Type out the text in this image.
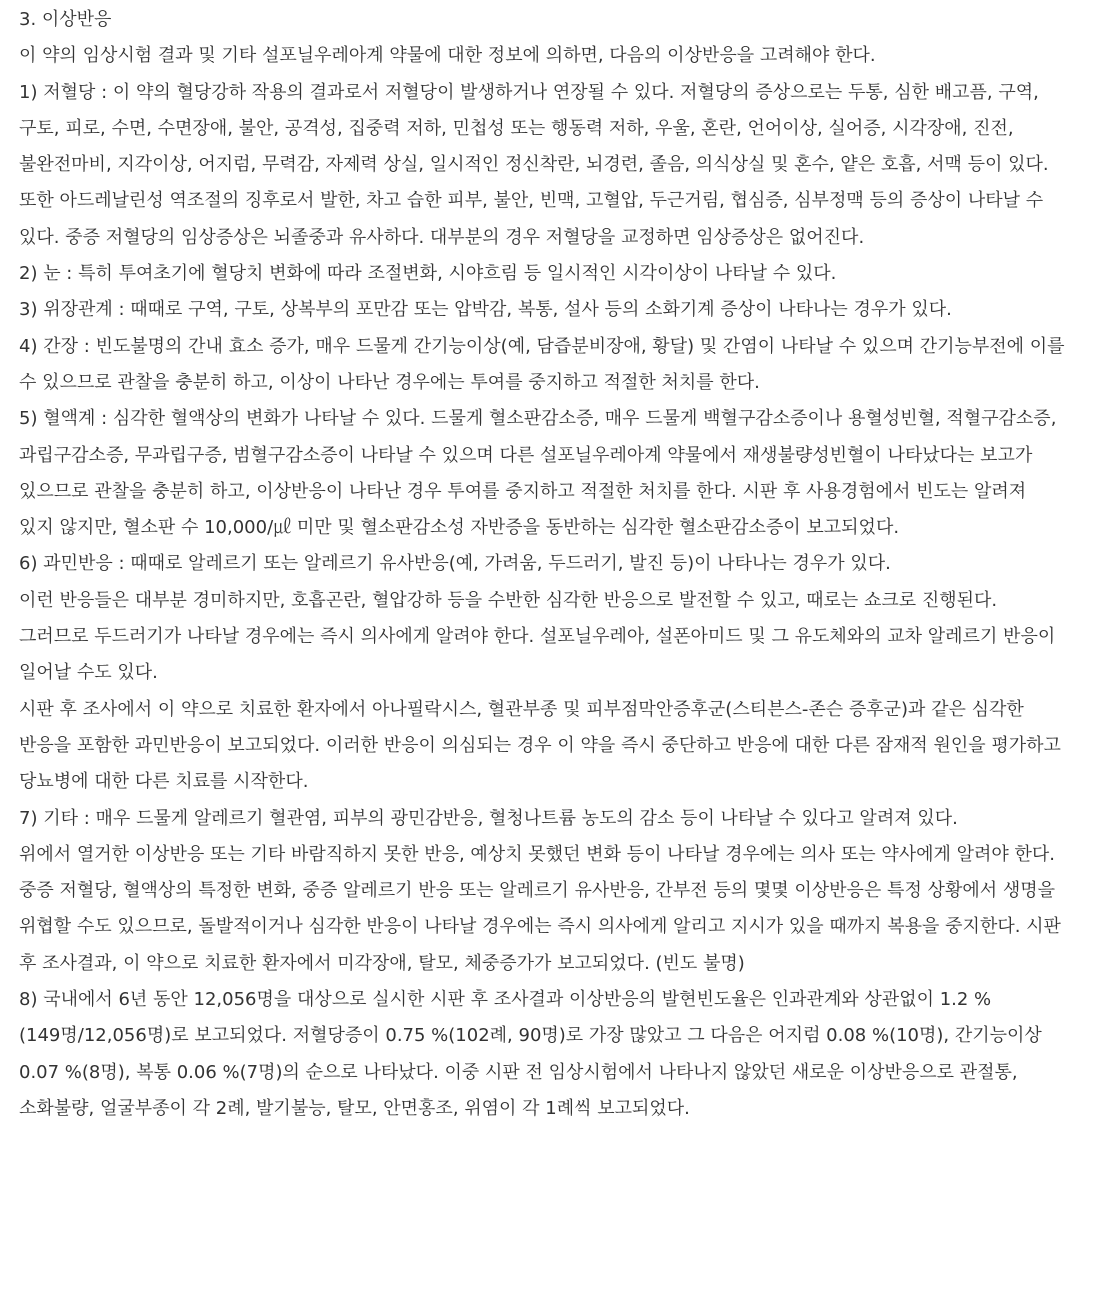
3. 이상반응

이 약의 임상시험 결과 및 기타 설포닐우레아계 약물에 대한 정보에 의하면, 다음의 이상반응을 고려해야 한다.

1) 저혈당 : 이 약의 혈당강하 작용의 결과로서 저혈당이 발생하거나 연장될 수 있다. 저혈당의 증상으로는 두통, 심한 배고픔, 구역, 구토, 피로, 수면, 수면장애, 불안, 공격성, 집중력 저하, 민첩성 또는 행동력 저하, 우울, 혼란, 언어이상, 실어증, 시각장애, 진전, 불완전마비, 지각이상, 어지럼, 무력감, 자제력 상실, 일시적인 정신착란, 뇌경련, 졸음, 의식상실 및 혼수, 얕은 호흡, 서맥 등이 있다. 또한 아드레날린성 역조절의 징후로서 발한, 차고 습한 피부, 불안, 빈맥, 고혈압, 두근거림, 협심증, 심부정맥 등의 증상이 나타날 수 있다. 중증 저혈당의 임상증상은 뇌졸중과 유사하다. 대부분의 경우 저혈당을 교정하면 임상증상은 없어진다.

2) 눈 : 특히 투여초기에 혈당치 변화에 따라 조절변화, 시야흐림 등 일시적인 시각이상이 나타날 수 있다.

3) 위장관계 : 때때로 구역, 구토, 상복부의 포만감 또는 압박감, 복통, 설사 등의 소화기계 증상이 나타나는 경우가 있다.

4) 간장 : 빈도불명의 간내 효소 증가, 매우 드물게 간기능이상(예, 담즙분비장애, 황달) 및 간염이 나타날 수 있으며 간기능부전에 이를 수 있으므로 관찰을 충분히 하고, 이상이 나타난 경우에는 투여를 중지하고 적절한 처치를 한다.

5) 혈액계 : 심각한 혈액상의 변화가 나타날 수 있다. 드물게 혈소판감소증, 매우 드물게 백혈구감소증이나 용혈성빈혈, 적혈구감소증, 과립구감소증, 무과립구증, 범혈구감소증이 나타날 수 있으며 다른 설포닐우레아계 약물에서 재생불량성빈혈이 나타났다는 보고가 있으므로 관찰을 충분히 하고, 이상반응이 나타난 경우 투여를 중지하고 적절한 처치를 한다. 시판 후 사용경험에서 빈도는 알려져 있지 않지만, 혈소판 수 10,000/㎕ 미만 및 혈소판감소성 자반증을 동반하는 심각한 혈소판감소증이 보고되었다.

6) 과민반응 : 때때로 알레르기 또는 알레르기 유사반응(예, 가려움, 두드러기, 발진 등)이 나타나는 경우가 있다.

이런 반응들은 대부분 경미하지만, 호흡곤란, 혈압강하 등을 수반한 심각한 반응으로 발전할 수 있고, 때로는 쇼크로 진행된다. 그러므로 두드러기가 나타날 경우에는 즉시 의사에게 알려야 한다. 설포닐우레아, 설폰아미드 및 그 유도체와의 교차 알레르기 반응이 일어날 수도 있다.

시판 후 조사에서 이 약으로 치료한 환자에서 아나필락시스, 혈관부종 및 피부점막안증후군(스티븐스-존슨 증후군)과 같은 심각한 반응을 포함한 과민반응이 보고되었다. 이러한 반응이 의심되는 경우 이 약을 즉시 중단하고 반응에 대한 다른 잠재적 원인을 평가하고 당뇨병에 대한 다른 치료를 시작한다.

7) 기타 : 매우 드물게 알레르기 혈관염, 피부의 광민감반응, 혈청나트륨 농도의 감소 등이 나타날 수 있다고 알려져 있다.

위에서 열거한 이상반응 또는 기타 바람직하지 못한 반응, 예상치 못했던 변화 등이 나타날 경우에는 의사 또는 약사에게 알려야 한다. 중증 저혈당, 혈액상의 특정한 변화, 중증 알레르기 반응 또는 알레르기 유사반응, 간부전 등의 몇몇 이상반응은 특정 상황에서 생명을 위협할 수도 있으므로, 돌발적이거나 심각한 반응이 나타날 경우에는 즉시 의사에게 알리고 지시가 있을 때까지 복용을 중지한다. 시판 후 조사결과, 이 약으로 치료한 환자에서 미각장애, 탈모, 체중증가가 보고되었다. (빈도 불명)

8) 국내에서 6년 동안 12,056명을 대상으로 실시한 시판 후 조사결과 이상반응의 발현빈도율은 인과관계와 상관없이 1.2 %(149명/12,056명)로 보고되었다. 저혈당증이 0.75 %(102례, 90명)로 가장 많았고 그 다음은 어지럼 0.08 %(10명), 간기능이상 0.07 %(8명), 복통 0.06 %(7명)의 순으로 나타났다. 이중 시판 전 임상시험에서 나타나지 않았던 새로운 이상반응으로 관절통, 소화불량, 얼굴부종이 각 2례, 발기불능, 탈모, 안면홍조, 위염이 각 1례씩 보고되었다.
